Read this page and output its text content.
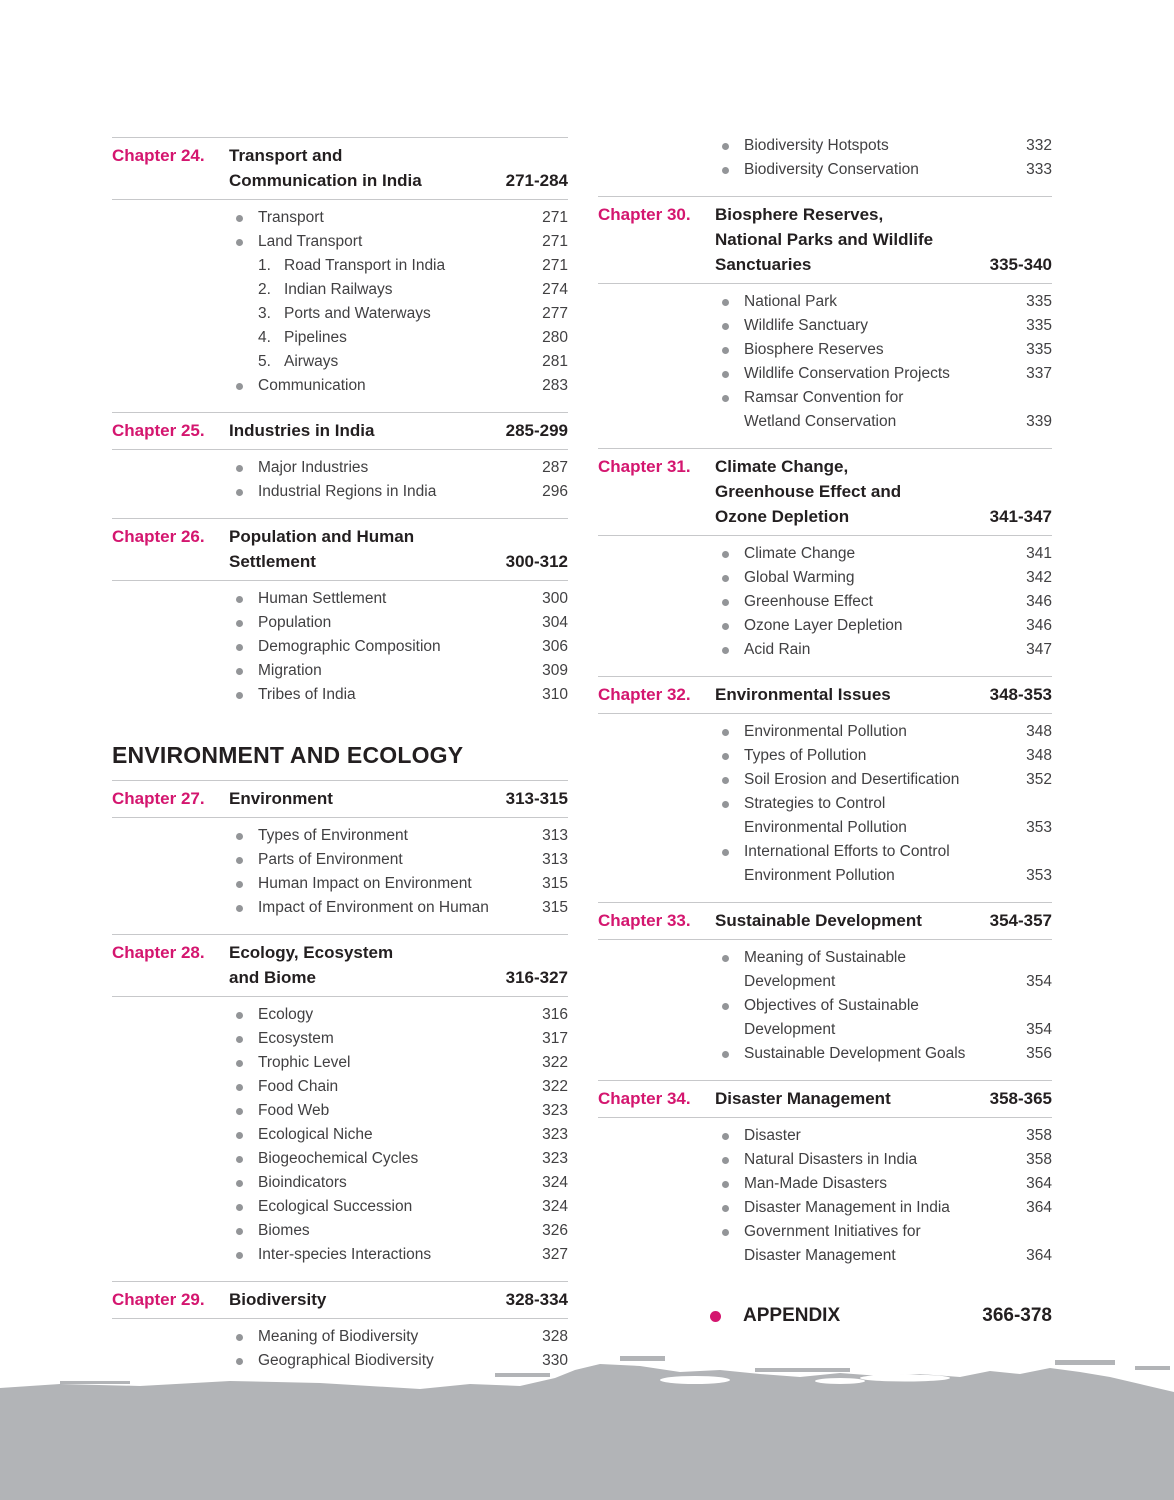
Chapter 24.	Transport and
Communication in India	271-284
Transport	271
Land Transport	271
1. Road Transport in India	271
2. Indian Railways	274
3. Ports and Waterways	277
4. Pipelines	280
5. Airways	281
Communication	283
Chapter 25.	Industries in India	285-299
Major Industries	287
Industrial Regions in India	296
Chapter 26.	Population and Human
Settlement	300-312
Human Settlement	300
Population	304
Demographic Composition	306
Migration	309
Tribes of India	310
ENVIRONMENT AND ECOLOGY
Chapter 27.	Environment	313-315
Types of Environment	313
Parts of Environment	313
Human Impact on Environment	315
Impact of Environment on Human	315
Chapter 28.	Ecology, Ecosystem
and Biome	316-327
Ecology	316
Ecosystem	317
Trophic Level	322
Food Chain	322
Food Web	323
Ecological Niche	323
Biogeochemical Cycles	323
Bioindicators	324
Ecological Succession	324
Biomes	326
Inter-species Interactions	327
Chapter 29.	Biodiversity	328-334
Meaning of Biodiversity	328
Geographical Biodiversity	330
Biodiversity Hotspots	332
Biodiversity Conservation	333
Chapter 30.	Biosphere Reserves,
National Parks and Wildlife
Sanctuaries	335-340
National Park	335
Wildlife Sanctuary	335
Biosphere Reserves	335
Wildlife Conservation Projects	337
Ramsar Convention for
Wetland Conservation	339
Chapter 31.	Climate Change,
Greenhouse Effect and
Ozone Depletion	341-347
Climate Change	341
Global Warming	342
Greenhouse Effect	346
Ozone Layer Depletion	346
Acid Rain	347
Chapter 32.	Environmental Issues	348-353
Environmental Pollution	348
Types of Pollution	348
Soil Erosion and Desertification	352
Strategies to Control
Environmental Pollution	353
International Efforts to Control
Environment Pollution	353
Chapter 33.	Sustainable Development	354-357
Meaning of Sustainable
Development	354
Objectives of Sustainable
Development	354
Sustainable Development Goals	356
Chapter 34.	Disaster Management	358-365
Disaster	358
Natural Disasters in India	358
Man-Made Disasters	364
Disaster Management in India	364
Government Initiatives for
Disaster Management	364
APPENDIX	366-378
